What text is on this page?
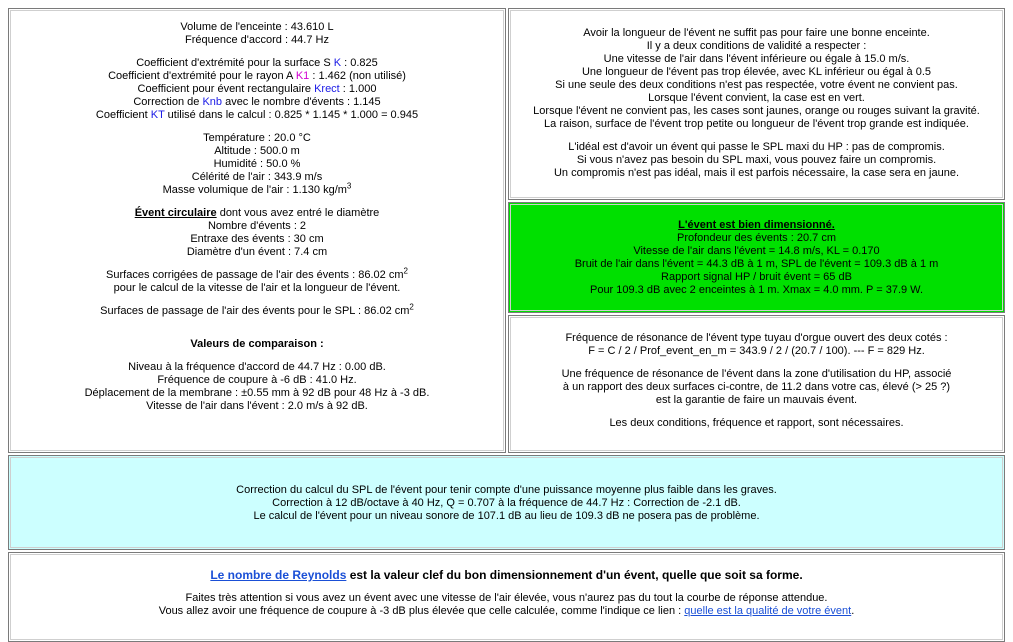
Volume de l'enceinte : 43.610 L
Fréquence d'accord : 44.7 Hz
Coefficient d'extrémité pour la surface S K : 0.825
Coefficient d'extrémité pour le rayon A K1 : 1.462 (non utilisé)
Coefficient pour évent rectangulaire Krect : 1.000
Correction de Knb avec le nombre d'évents : 1.145
Coefficient KT utilisé dans le calcul : 0.825 * 1.145 * 1.000 = 0.945
Température : 20.0 °C
Altitude : 500.0 m
Humidité : 50.0 %
Célérité de l'air : 343.9 m/s
Masse volumique de l'air : 1.130 $kg/m^3$
Évent circulaire dont vous avez entré le diamètre
Nombre d'évents : 2
Entraxe des évents : 30 cm
Diamètre d'un évent : 7.4 cm
Surfaces corrigées de passage de l'air des évents : 86.02 $cm^2$
pour le calcul de la vitesse de l'air et la longueur de l'évent.
Surfaces de passage de l'air des évents pour le SPL : 86.02 $cm^2$
Valeurs de comparaison :
Niveau à la fréquence d'accord de 44.7 Hz : 0.00 dB.
Fréquence de coupure à -6 dB : 41.0 Hz.
Déplacement de la membrane : ±0.55 mm à 92 dB pour 48 Hz à -3 dB.
Vitesse de l'air dans l'évent : 2.0 m/s à 92 dB.
Avoir la longueur de l'évent ne suffit pas pour faire une bonne enceinte.
Il y a deux conditions de validité a respecter :
Une vitesse de l'air dans l'évent inférieure ou égale à 15.0 m/s.
Une longueur de l'évent pas trop élevée, avec KL inférieur ou égal à 0.5
Si une seule des deux conditions n'est pas respectée, votre évent ne convient pas.
Lorsque l'évent convient, la case est en vert.
Lorsque l'évent ne convient pas, les cases sont jaunes, orange ou rouges suivant la gravité.
La raison, surface de l'évent trop petite ou longueur de l'évent trop grande est indiquée.
L'idéal est d'avoir un évent qui passe le SPL maxi du HP : pas de compromis.
Si vous n'avez pas besoin du SPL maxi, vous pouvez faire un compromis.
Un compromis n'est pas idéal, mais il est parfois nécessaire, la case sera en jaune.
L'évent est bien dimensionné.
Profondeur des évents : 20.7 cm
Vitesse de l'air dans l'évent = 14.8 m/s, KL = 0.170
Bruit de l'air dans l'évent = 44.3 dB à 1 m, SPL de l'évent = 109.3 dB à 1 m
Rapport signal HP / bruit évent = 65 dB
Pour 109.3 dB avec 2 enceintes à 1 m. Xmax = 4.0 mm. P = 37.9 W.
Fréquence de résonance de l'évent type tuyau d'orgue ouvert des deux cotés :
F = C / 2 / Prof_event_en_m = 343.9 / 2 / (20.7 / 100). --- F = 829 Hz.
Une fréquence de résonance de l'évent dans la zone d'utilisation du HP, associé
à un rapport des deux surfaces ci-contre, de 11.2 dans votre cas, élevé (> 25 ?)
est la garantie de faire un mauvais évent.
Les deux conditions, fréquence et rapport, sont nécessaires.
Correction du calcul du SPL de l'évent pour tenir compte d'une puissance moyenne plus faible dans les graves.
Correction à 12 dB/octave à 40 Hz, Q = 0.707 à la fréquence de 44.7 Hz : Correction de -2.1 dB.
Le calcul de l'évent pour un niveau sonore de 107.1 dB au lieu de 109.3 dB ne posera pas de problème.
Le nombre de Reynolds est la valeur clef du bon dimensionnement d'un évent, quelle que soit sa forme.
Faites très attention si vous avez un évent avec une vitesse de l'air élevée, vous n'aurez pas du tout la courbe de réponse attendue.
Vous allez avoir une fréquence de coupure à -3 dB plus élevée que celle calculée, comme l'indique ce lien : quelle est la qualité de votre évent.
